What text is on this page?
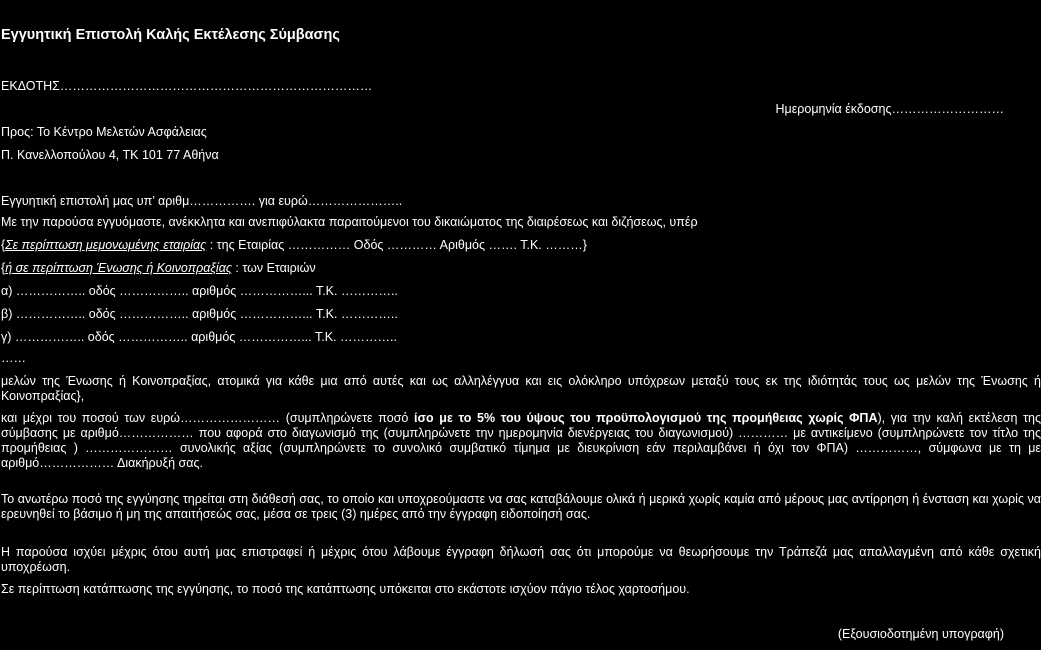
Εγγυητική Επιστολή Καλής Εκτέλεσης Σύμβασης
ΕΚΔΟΤΗΣ…………………………………………………………………
Ημερομηνία έκδοσης………………………
Προς: Το Κέντρο Μελετών Ασφάλειας
Π. Κανελλοπούλου 4, ΤΚ 101 77 Αθήνα
Εγγυητική επιστολή μας υπ’ αριθμ……………. για ευρώ…………………..
Με την παρούσα εγγυόμαστε, ανέκκλητα και ανεπιφύλακτα παραιτούμενοι του δικαιώματος της διαιρέσεως και διζήσεως, υπέρ
{Σε περίπτωση μεμονωμένης εταιρίας : της Εταιρίας …………… Οδός ………… Αριθμός ……. Τ.Κ. ………}
{ή σε περίπτωση Ένωσης ή Κοινοπραξίας : των Εταιριών
α) …………….. οδός …………….. αριθμός ……………... Τ.Κ. …………..
β) …………….. οδός …………….. αριθμός ……………... Τ.Κ. …………..
γ) …………….. οδός …………….. αριθμός ……………... Τ.Κ. …………..
……
μελών της Ένωσης ή Κοινοπραξίας, ατομικά για κάθε μια από αυτές και ως αλληλέγγυα και εις ολόκληρο υπόχρεων μεταξύ τους εκ της ιδιότητάς τους ως μελών της Ένωσης ή Κοινοπραξίας},
και μέχρι του ποσού των ευρώ…………………… (συμπληρώνετε ποσό ίσο με το 5% του ύψους του προϋπολογισμού της προμήθειας χωρίς ΦΠΑ), για την καλή εκτέλεση της σύμβασης με αριθμό……………… που αφορά στο διαγωνισμό της (συμπληρώνετε την ημερομηνία διενέργειας του διαγωνισμού) ………… με αντικείμενο (συμπληρώνετε τον τίτλο της προμήθειας ) ………………… συνολικής αξίας (συμπληρώνετε το συνολικό συμβατικό τίμημα με διευκρίνιση εάν περιλαμβάνει ή όχι τον ΦΠΑ) ……………, σύμφωνα με τη με αριθμό……………… Διακήρυξή σας.
Το ανωτέρω ποσό της εγγύησης τηρείται στη διάθεσή σας, το οποίο και υποχρεούμαστε να σας καταβάλουμε ολικά ή μερικά χωρίς καμία από μέρους μας αντίρρηση ή ένσταση και χωρίς να ερευνηθεί το βάσιμο ή μη της απαιτήσεώς σας, μέσα σε τρεις (3) ημέρες από την έγγραφη ειδοποίησή σας.
Η παρούσα ισχύει μέχρις ότου αυτή μας επιστραφεί ή μέχρις ότου λάβουμε έγγραφη δήλωσή σας ότι μπορούμε να θεωρήσουμε την Τράπεζά μας απαλλαγμένη από κάθε σχετική υποχρέωση.
Σε περίπτωση κατάπτωσης της εγγύησης, το ποσό της κατάπτωσης υπόκειται στο εκάστοτε ισχύον πάγιο τέλος χαρτοσήμου.
(Εξουσιοδοτημένη υπογραφή)
